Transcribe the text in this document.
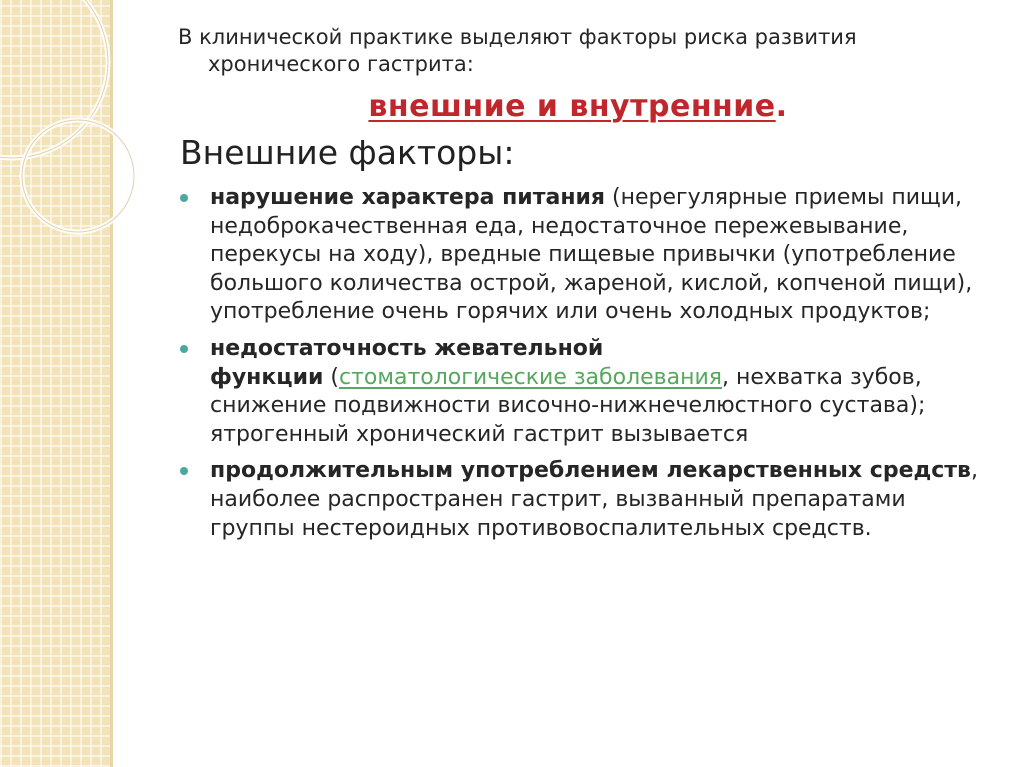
В клинической практике выделяют факторы риска развития
хронического гастрита:

внешние и внутренние.
Внешние факторы:
нарушение характера питания (нерегулярные приемы пищи, недоброкачественная еда, недостаточное пережевывание, перекусы на ходу), вредные пищевые привычки (употребление большого количества острой, жареной, кислой, копченой пищи), употребление очень горячих или очень холодных продуктов;
недостаточность жевательной
функции (стоматологические заболевания, нехватка зубов, снижение подвижности височно-нижнечелюстного сустава);
ятрогенный хронический гастрит вызывается
продолжительным употреблением лекарственных средств, наиболее распространен гастрит, вызванный препаратами группы нестероидных противовоспалительных средств.
